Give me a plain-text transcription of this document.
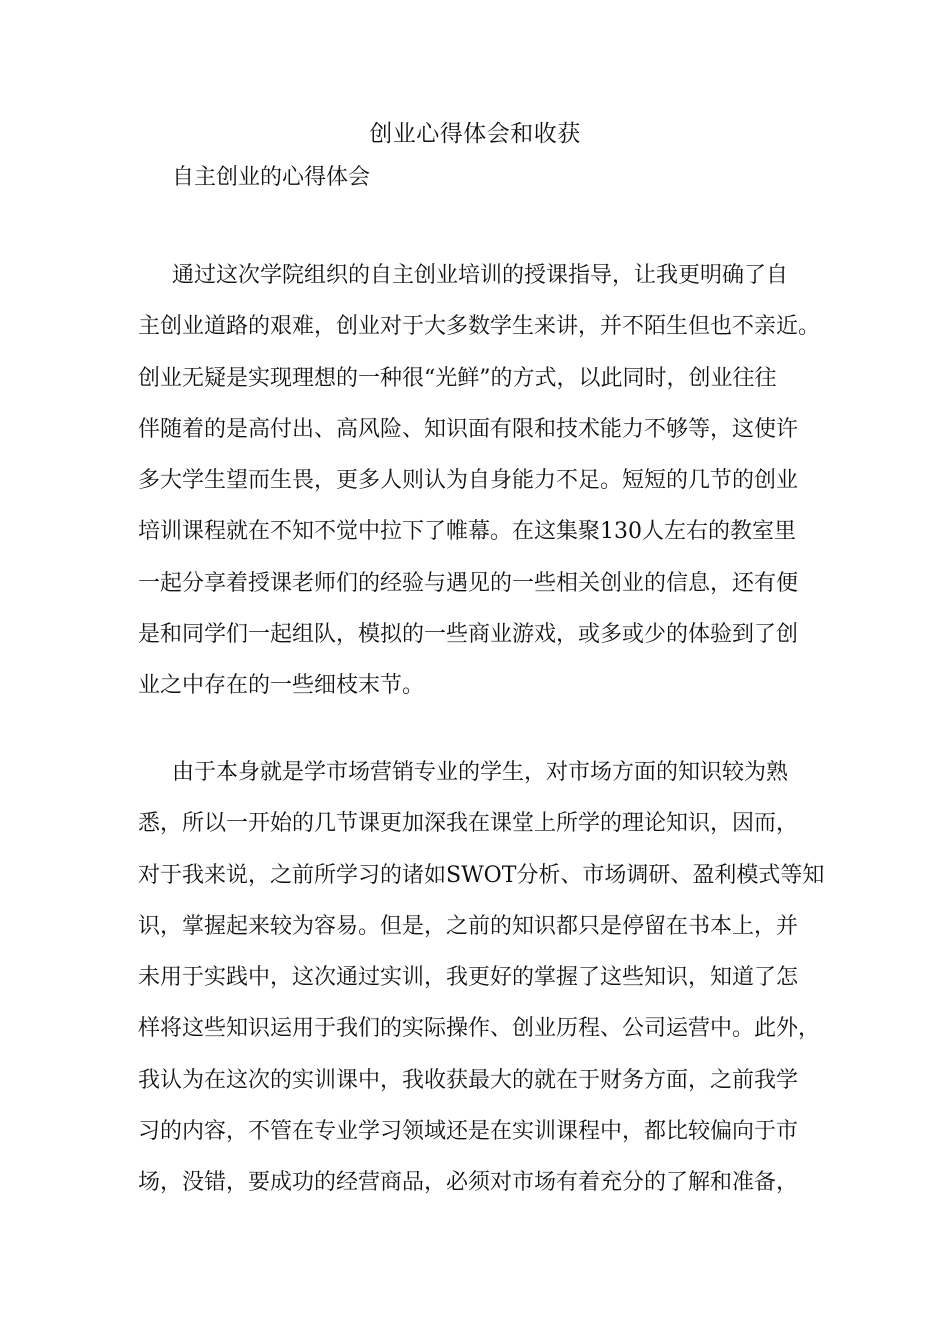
创业心得体会和收获
自主创业的心得体会
通过这次学院组织的自主创业培训的授课指导，让我更明确了自
主创业道路的艰难，创业对于大多数学生来讲，并不陌生但也不亲近。
创业无疑是实现理想的一种很“光鲜”的方式，以此同时，创业往往
伴随着的是高付出、高风险、知识面有限和技术能力不够等，这使许
多大学生望而生畏，更多人则认为自身能力不足。短短的几节的创业
培训课程就在不知不觉中拉下了帷幕。在这集聚130人左右的教室里
一起分享着授课老师们的经验与遇见的一些相关创业的信息，还有便
是和同学们一起组队，模拟的一些商业游戏，或多或少的体验到了创
业之中存在的一些细枝末节。
由于本身就是学市场营销专业的学生，对市场方面的知识较为熟
悉，所以一开始的几节课更加深我在课堂上所学的理论知识，因而，
对于我来说，之前所学习的诸如SWOT分析、市场调研、盈利模式等知
识，掌握起来较为容易。但是，之前的知识都只是停留在书本上，并
未用于实践中，这次通过实训，我更好的掌握了这些知识，知道了怎
样将这些知识运用于我们的实际操作、创业历程、公司运营中。此外，
我认为在这次的实训课中，我收获最大的就在于财务方面，之前我学
习的内容，不管在专业学习领域还是在实训课程中，都比较偏向于市
场，没错，要成功的经营商品，必须对市场有着充分的了解和准备，
